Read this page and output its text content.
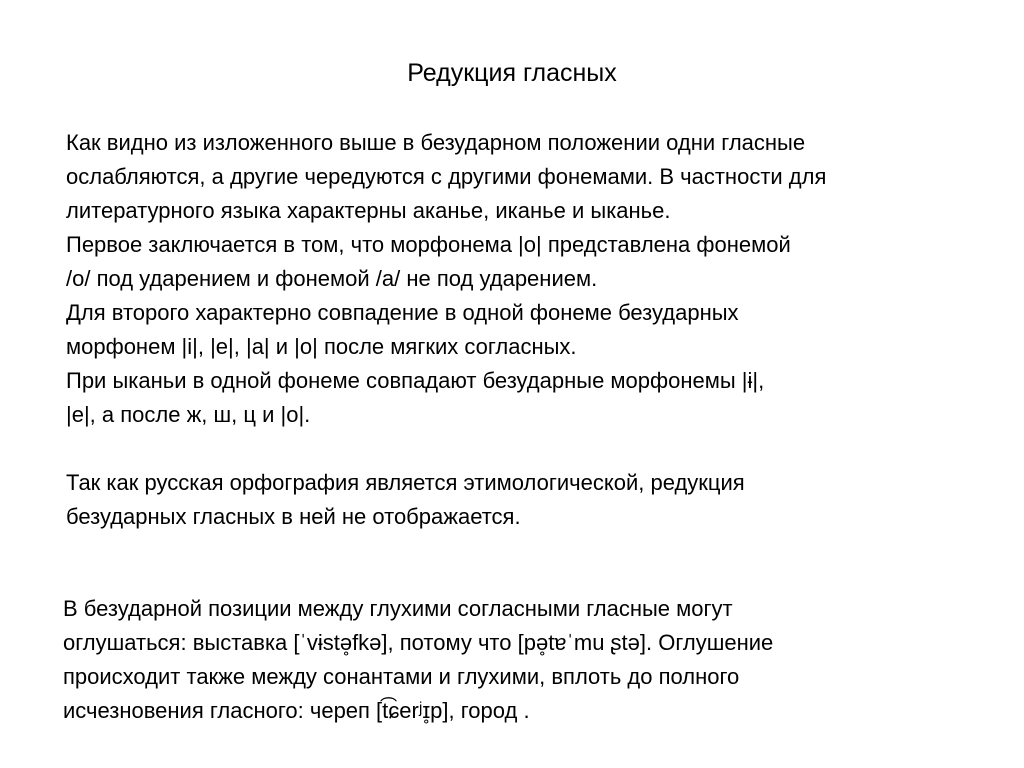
Редукция гласных
Как видно из изложенного выше в безударном положении одни гласные
ослабляются, а другие чередуются с другими фонемами. В частности для
литературного языка характерны аканье, иканье и ыканье.
Первое заключается в том, что морфонема |о| представлена фонемой
/о/ под ударением и фонемой /а/ не под ударением.
Для второго характерно совпадение в одной фонеме безударных
морфонем |i|, |e|, |a| и |o| после мягких согласных.
При ыканьи в одной фонеме совпадают безударные морфонемы |ɨ|,
|e|, а после ж, ш, ц и |о|.
Так как русская орфография является этимологической, редукция
безударных гласных в ней не отображается.
В безударной позиции между глухими согласными гласные могут
оглушаться: выставка [ˈvɨstə̥fkə], потому что [pə̥tɐˈmu ʂtə]. Оглушение
происходит также между сонантами и глухими, вплоть до полного
исчезновения гласного: череп [t͡ɕerʲɪ̥p], город .
